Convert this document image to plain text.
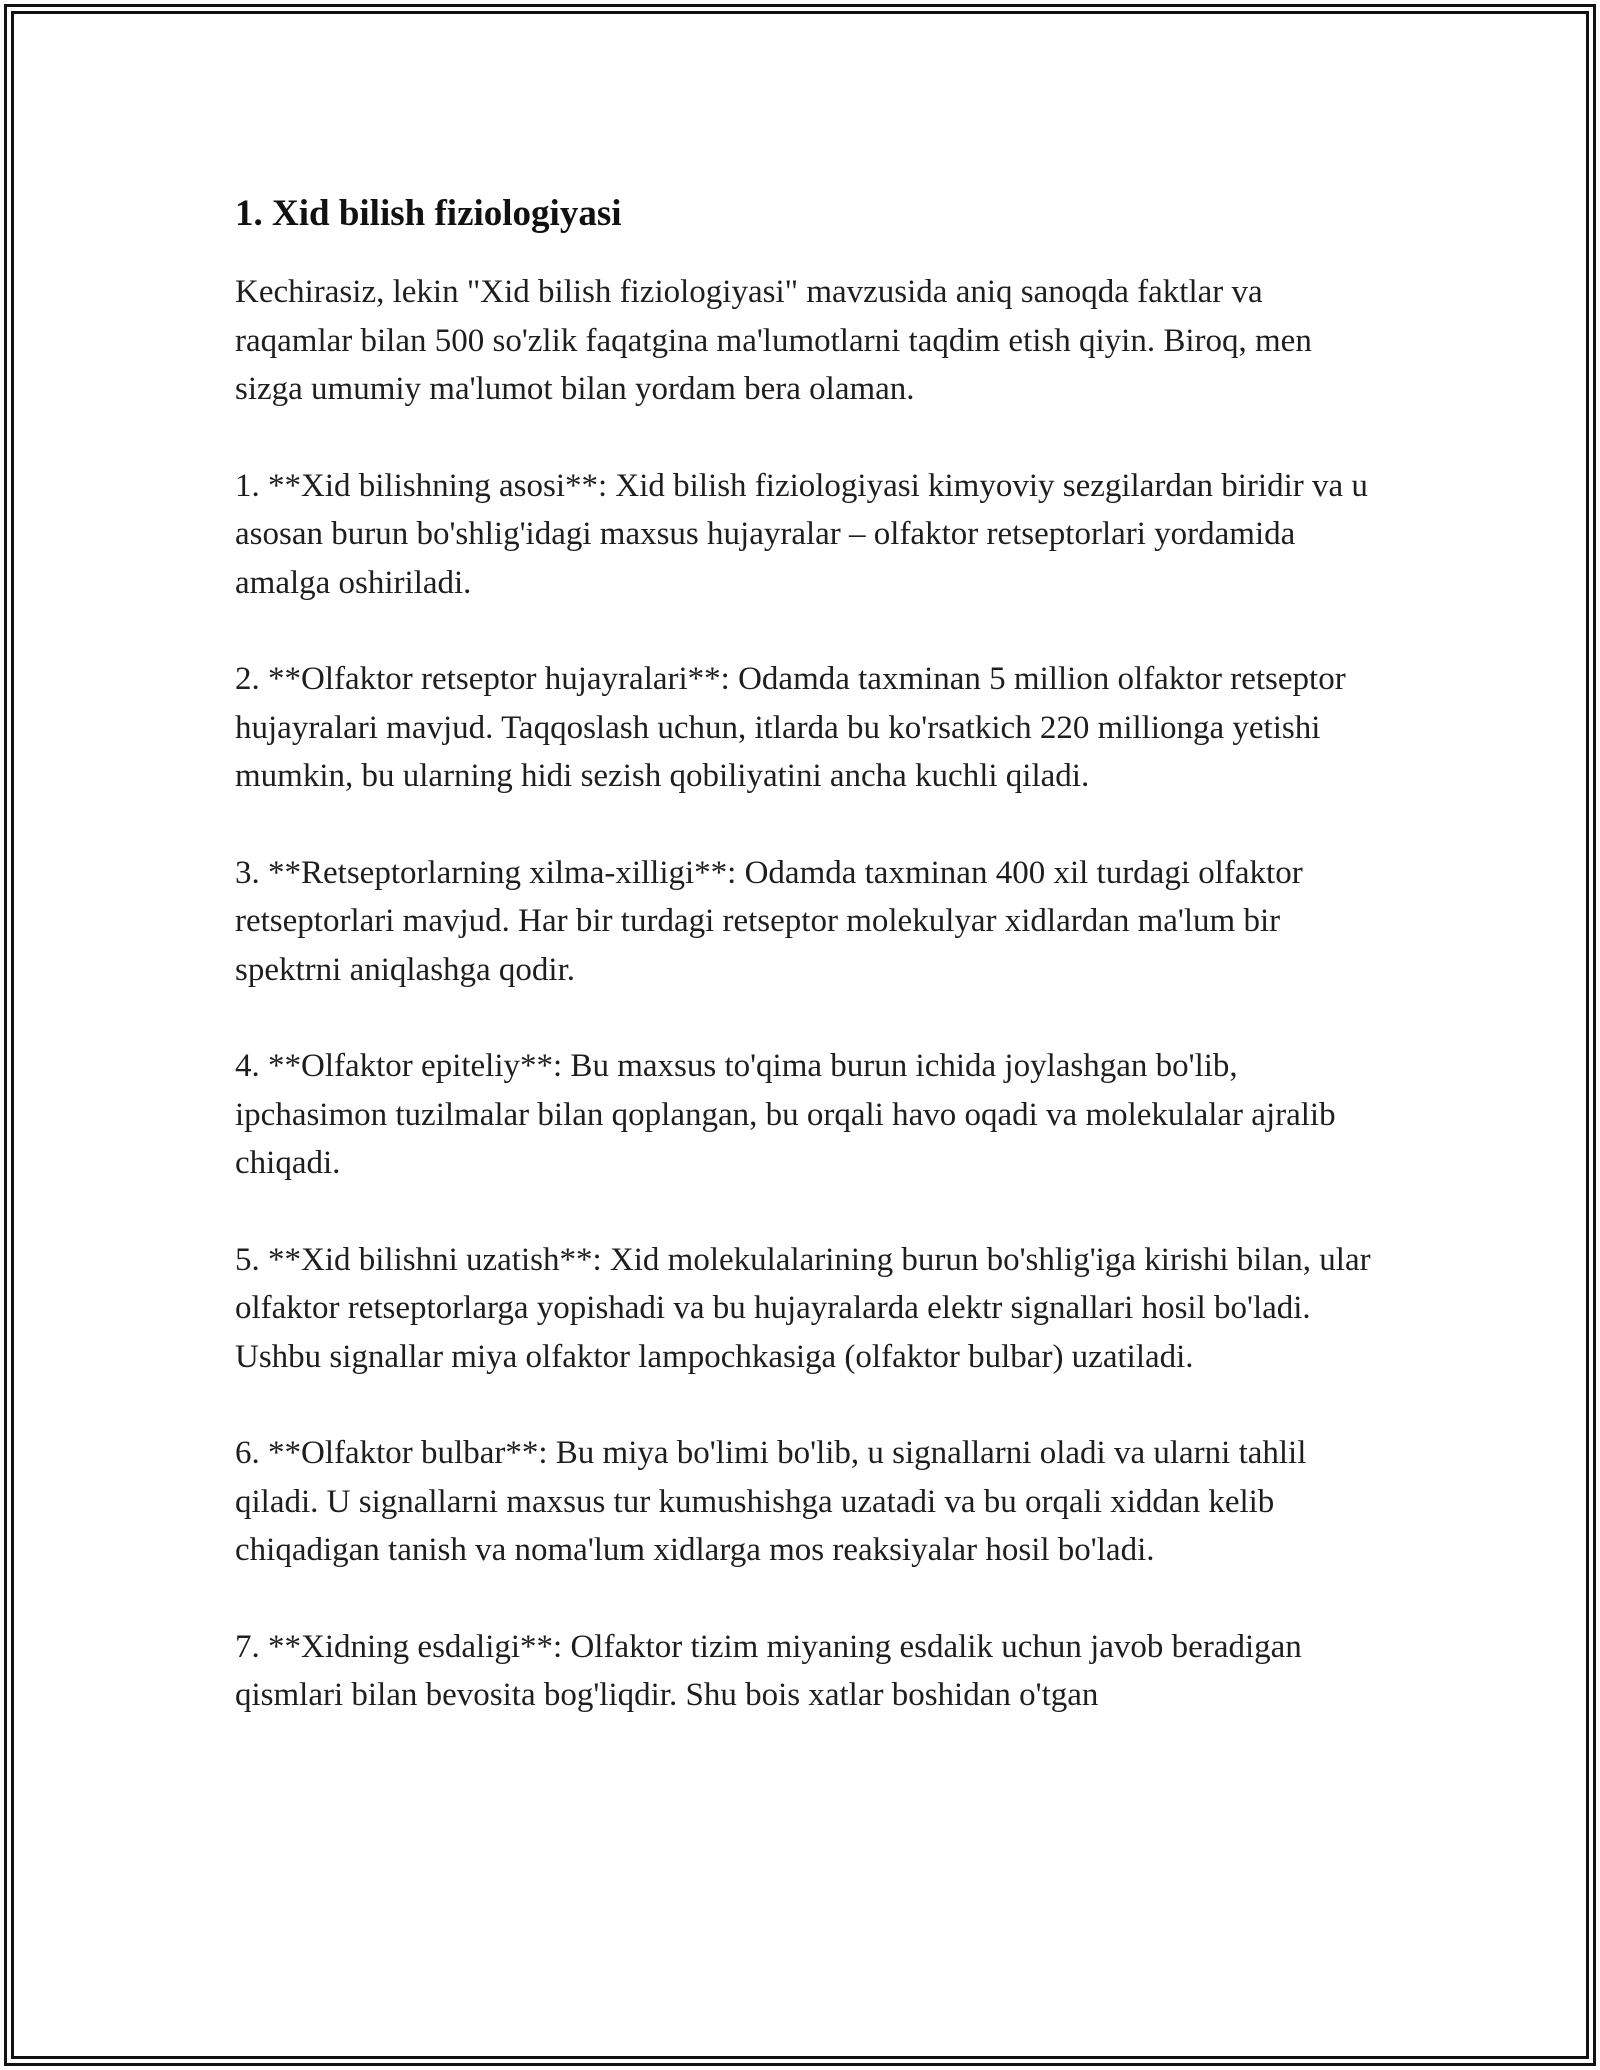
1. Xid bilish fiziologiyasi

Kechirasiz, lekin "Xid bilish fiziologiyasi" mavzusida aniq sanoqda faktlar va raqamlar bilan 500 so'zlik faqatgina ma'lumotlarni taqdim etish qiyin. Biroq, men sizga umumiy ma'lumot bilan yordam bera olaman.

1. **Xid bilishning asosi**: Xid bilish fiziologiyasi kimyoviy sezgilardan biridir va u asosan burun bo'shlig'idagi maxsus hujayralar – olfaktor retseptorlari yordamida amalga oshiriladi.

2. **Olfaktor retseptor hujayralari**: Odamda taxminan 5 million olfaktor retseptor hujayralari mavjud. Taqqoslash uchun, itlarda bu ko'rsatkich 220 millionga yetishi mumkin, bu ularning hidi sezish qobiliyatini ancha kuchli qiladi.

3. **Retseptorlarning xilma-xilligi**: Odamda taxminan 400 xil turdagi olfaktor retseptorlari mavjud. Har bir turdagi retseptor molekulyar xidlardan ma'lum bir spektrni aniqlashga qodir.

4. **Olfaktor epiteliy**: Bu maxsus to'qima burun ichida joylashgan bo'lib, ipchasimon tuzilmalar bilan qoplangan, bu orqali havo oqadi va molekulalar ajralib chiqadi.

5. **Xid bilishni uzatish**: Xid molekulalarining burun bo'shlig'iga kirishi bilan, ular olfaktor retseptorlarga yopishadi va bu hujayralarda elektr signallari hosil bo'ladi. Ushbu signallar miya olfaktor lampochkasiga (olfaktor bulbar) uzatiladi.

6. **Olfaktor bulbar**: Bu miya bo'limi bo'lib, u signallarni oladi va ularni tahlil qiladi. U signallarni maxsus tur kumushishga uzatadi va bu orqali xiddan kelib chiqadigan tanish va noma'lum xidlarga mos reaksiyalar hosil bo'ladi.

7. **Xidning esdaligi**: Olfaktor tizim miyaning esdalik uchun javob beradigan qismlari bilan bevosita bog'liqdir. Shu bois xatlar boshidan o'tgan
